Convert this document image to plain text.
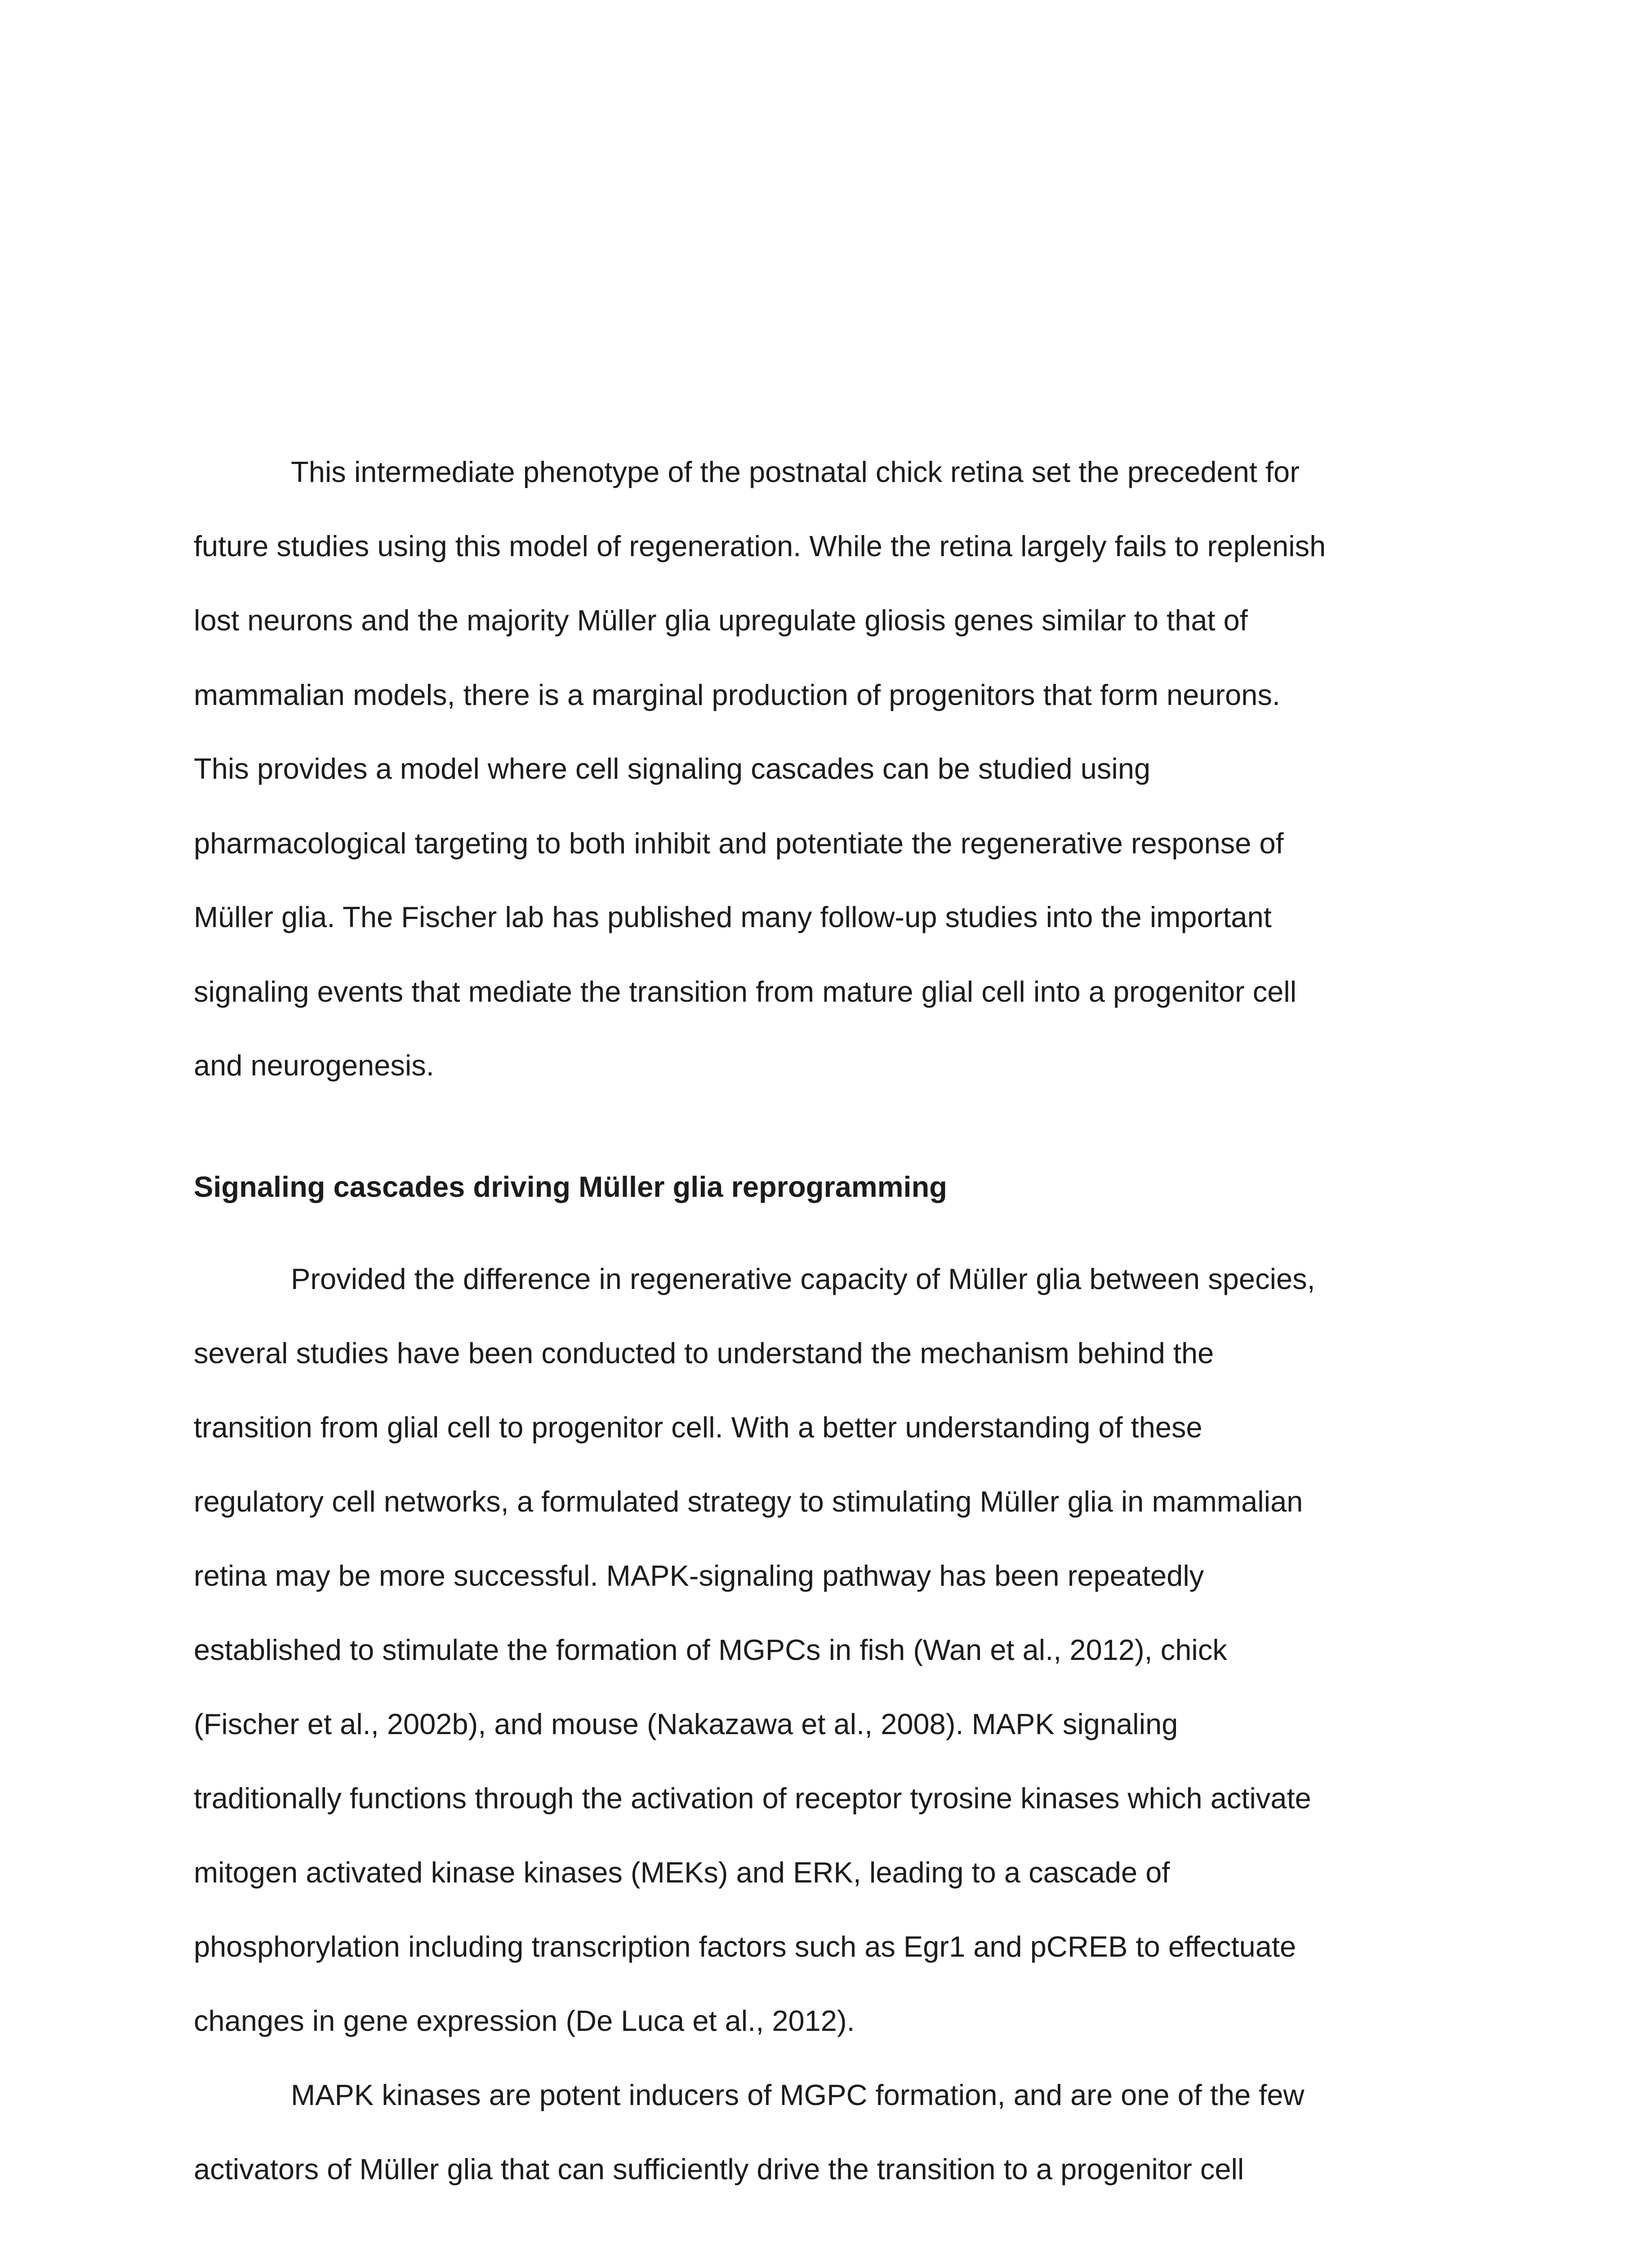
This intermediate phenotype of the postnatal chick retina set the precedent for

future studies using this model of regeneration. While the retina largely fails to replenish

lost neurons and the majority Müller glia upregulate gliosis genes similar to that of

mammalian models, there is a marginal production of progenitors that form neurons.

This provides a model where cell signaling cascades can be studied using

pharmacological targeting to both inhibit and potentiate the regenerative response of

Müller glia. The Fischer lab has published many follow-up studies into the important

signaling events that mediate the transition from mature glial cell into a progenitor cell

and neurogenesis.

Signaling cascades driving Müller glia reprogramming

Provided the difference in regenerative capacity of Müller glia between species,

several studies have been conducted to understand the mechanism behind the

transition from glial cell to progenitor cell. With a better understanding of these

regulatory cell networks, a formulated strategy to stimulating Müller glia in mammalian

retina may be more successful. MAPK-signaling pathway has been repeatedly

established to stimulate the formation of MGPCs in fish (Wan et al., 2012), chick

(Fischer et al., 2002b), and mouse (Nakazawa et al., 2008). MAPK signaling

traditionally functions through the activation of receptor tyrosine kinases which activate

mitogen activated kinase kinases (MEKs) and ERK, leading to a cascade of

phosphorylation including transcription factors such as Egr1 and pCREB to effectuate

changes in gene expression (De Luca et al., 2012).

MAPK kinases are potent inducers of MGPC formation, and are one of the few

activators of Müller glia that can sufficiently drive the transition to a progenitor cell
